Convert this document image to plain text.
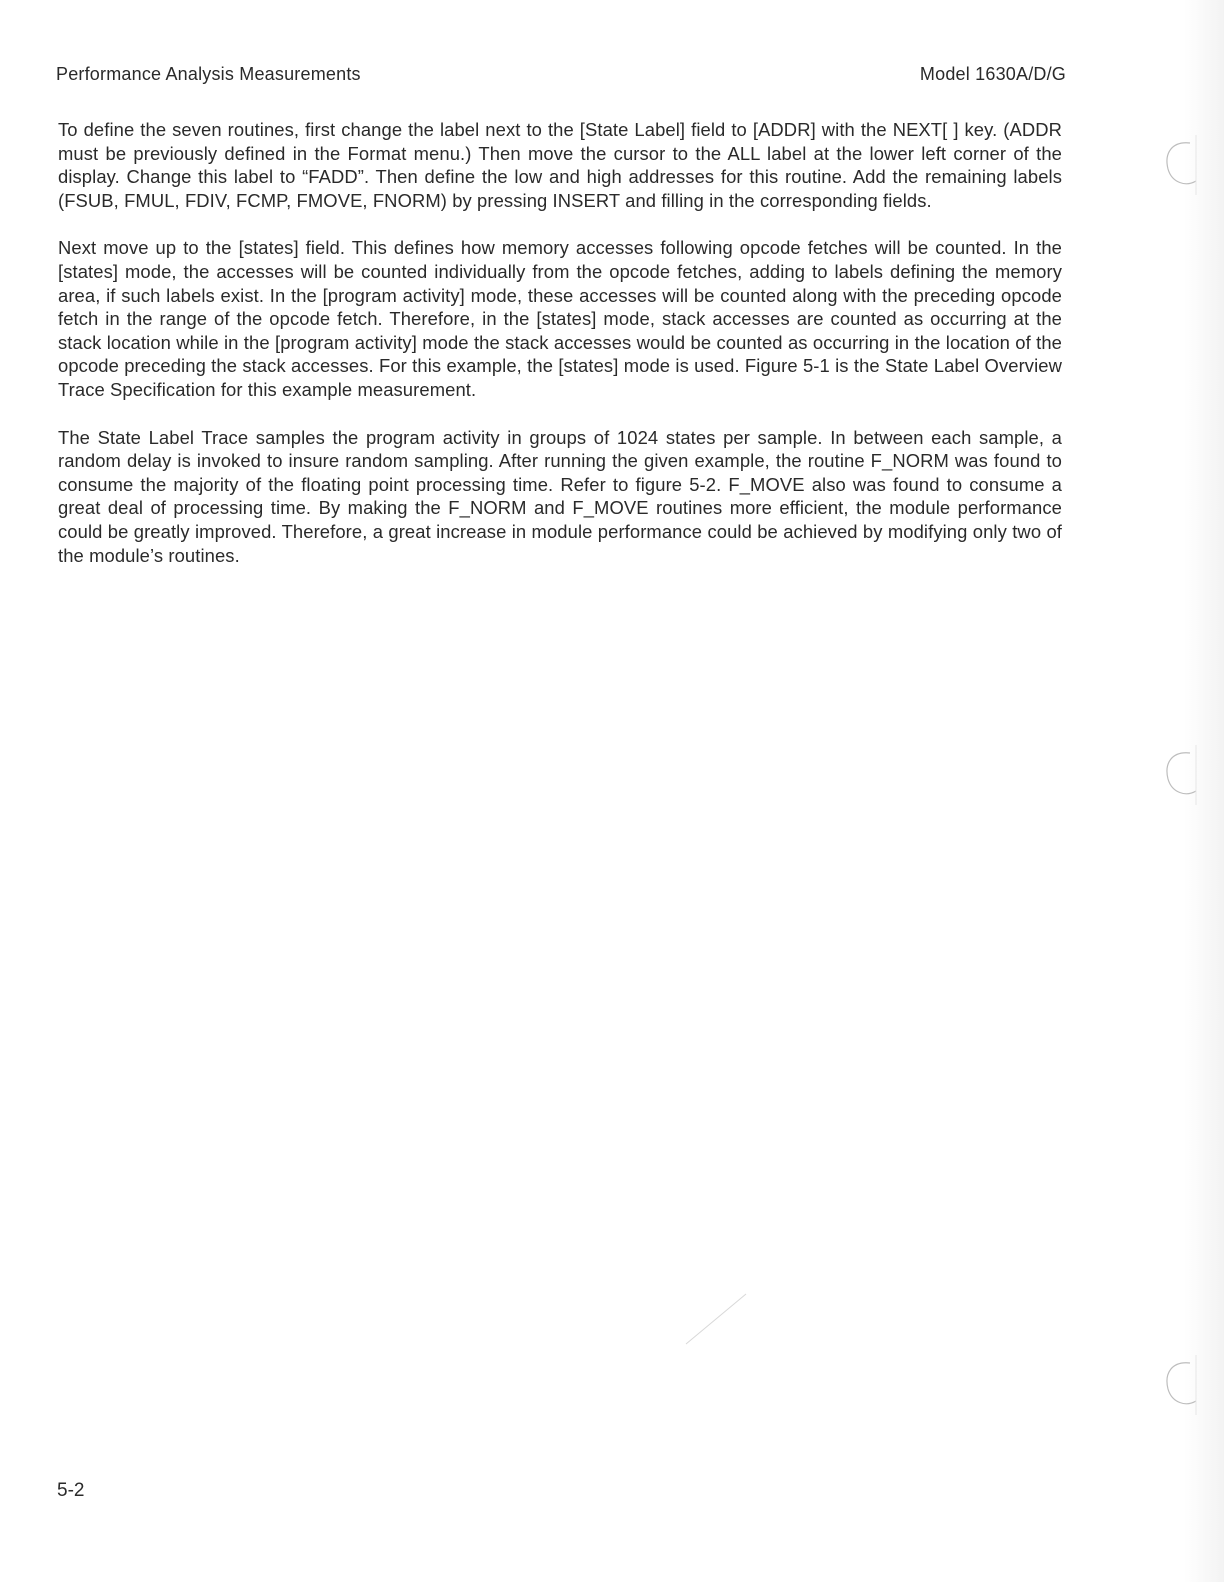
Performance Analysis Measurements	Model 1630A/D/G

To define the seven routines, first change the label next to the [State Label] field to [ADDR] with the NEXT[ ] key. (ADDR must be previously defined in the Format menu.) Then move the cursor to the ALL label at the lower left corner of the display. Change this label to “FADD”. Then define the low and high addresses for this routine. Add the remaining labels (FSUB, FMUL, FDIV, FCMP, FMOVE, FNORM) by pressing INSERT and filling in the corresponding fields.

Next move up to the [states] field. This defines how memory accesses following opcode fetches will be counted. In the [states] mode, the accesses will be counted individually from the opcode fetches, adding to labels defining the memory area, if such labels exist. In the [program activity] mode, these accesses will be counted along with the preceding opcode fetch in the range of the opcode fetch. Therefore, in the [states] mode, stack accesses are counted as occurring at the stack location while in the [program activity] mode the stack accesses would be counted as occurring in the location of the opcode preceding the stack accesses. For this example, the [states] mode is used. Figure 5-1 is the State Label Overview Trace Specification for this example measurement.

The State Label Trace samples the program activity in groups of 1024 states per sample. In between each sample, a random delay is invoked to insure random sampling. After running the given example, the routine F_NORM was found to consume the majority of the floating point processing time. Refer to figure 5-2. F_MOVE also was found to consume a great deal of processing time. By making the F_NORM and F_MOVE routines more efficient, the module performance could be greatly improved. Therefore, a great increase in module performance could be achieved by modifying only two of the module’s routines.

5-2
